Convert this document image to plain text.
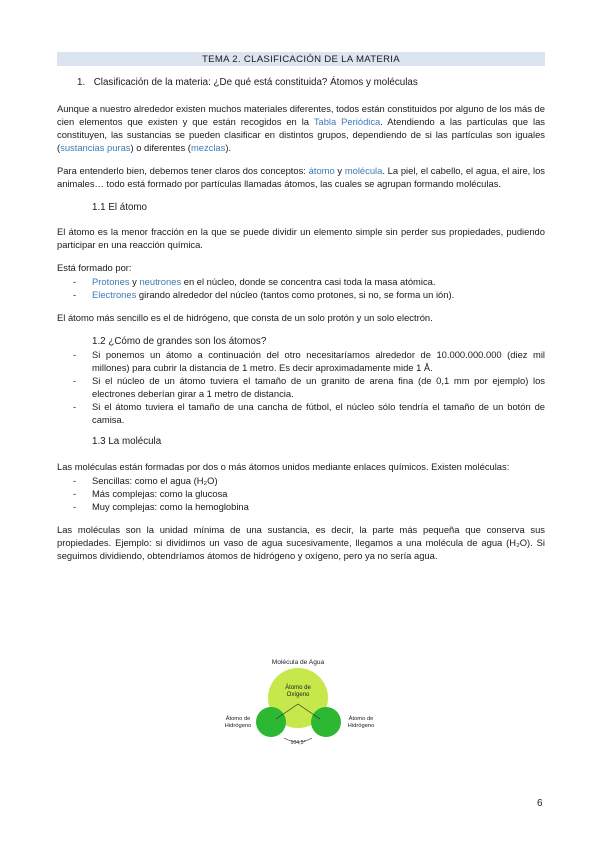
TEMA 2. CLASIFICACIÓN DE LA MATERIA
1. Clasificación de la materia: ¿De qué está constituida? Átomos y moléculas

Aunque a nuestro alrededor existen muchos materiales diferentes, todos están constituidos por alguno de los más de cien elementos que existen y que están recogidos en la Tabla Periódica. Atendiendo a las partículas que las constituyen, las sustancias se pueden clasificar en distintos grupos, dependiendo de si las partículas son iguales (sustancias puras) o diferentes (mezclas).

Para entenderlo bien, debemos tener claros dos conceptos: átomo y molécula. La piel, el cabello, el agua, el aire, los animales… todo está formado por partículas llamadas átomos, las cuales se agrupan formando moléculas.

1.1 El átomo

El átomo es la menor fracción en la que se puede dividir un elemento simple sin perder sus propiedades, pudiendo participar en una reacción química.

Está formado por:

- Protones y neutrones en el núcleo, donde se concentra casi toda la masa atómica.
- Electrones girando alrededor del núcleo (tantos como protones, si no, se forma un ión).

El átomo más sencillo es el de hidrógeno, que consta de un solo protón y un solo electrón.

1.2 ¿Cómo de grandes son los átomos?
- Si ponemos un átomo a continuación del otro necesitaríamos alrededor de 10.000.000.000 (diez mil millones) para cubrir la distancia de 1 metro. Es decir aproximadamente mide 1 Å.
- Si el núcleo de un átomo tuviera el tamaño de un granito de arena fina (de 0,1 mm por ejemplo) los electrones deberían girar a 1 metro de distancia.
- Si el átomo tuviera el tamaño de una cancha de fútbol, el núcleo sólo tendría el tamaño de un botón de camisa.
1.3 La molécula

Las moléculas están formadas por dos o más átomos unidos mediante enlaces químicos. Existen moléculas:

- Sencillas: como el agua (H₂O)
- Más complejas: como la glucosa
- Muy complejas: como la hemoglobina

Las moléculas son la unidad mínima de una sustancia, es decir, la parte más pequeña que conserva sus propiedades. Ejemplo: si dividimos un vaso de agua sucesivamente, llegamos a una molécula de agua (H₂O). Si seguimos dividiendo, obtendríamos átomos de hidrógeno y oxígeno, pero ya no sería agua.

Molécula de Agua
Átomo de
Oxígeno
104,5°
Átomo de
Hidrógeno
Átomo de
Hidrógeno
6
